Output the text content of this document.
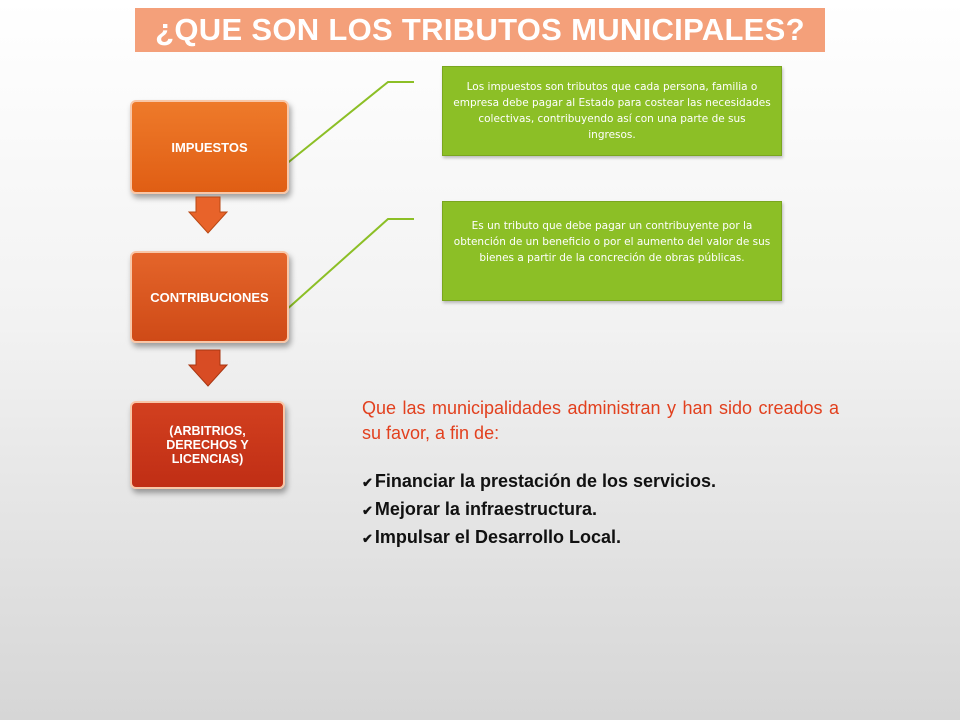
¿QUE SON LOS TRIBUTOS MUNICIPALES?
IMPUESTOS
CONTRIBUCIONES
(ARBITRIOS, DERECHOS Y LICENCIAS)
Los impuestos son tributos que cada persona, familia o empresa debe pagar al Estado para costear las necesidades colectivas, contribuyendo así con una parte de sus ingresos.
Es un tributo que debe pagar un contribuyente por la obtención de un beneficio o por el aumento del valor de sus bienes a partir de la concreción de obras públicas.

Que las municipalidades administran y han sido creados a su favor, a fin de:

✔ Financiar la prestación de los servicios.
✔ Mejorar la infraestructura.
✔ Impulsar el Desarrollo Local.
